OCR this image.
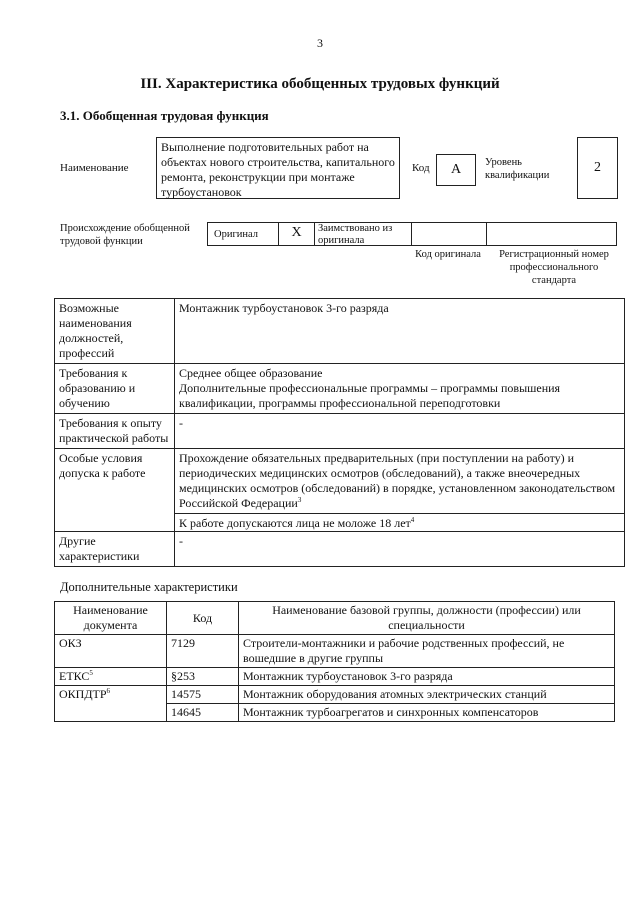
3
III. Характеристика обобщенных трудовых функций
3.1. Обобщенная трудовая функция
Наименование
Выполнение подготовительных работ на объектах нового строительства, капитального ремонта, реконструкции при монтаже турбоустановок
Код	A	Уровень квалификации
2
Происхождение обобщенной трудовой функции
Оригинал	X	Заимствовано из оригинала
Код оригинала	Регистрационный номер профессионального стандарта
Возможные наименования должностей, профессий	Монтажник турбоустановок 3-го разряда
Требования к образованию и обучению	Среднее общее образование
Дополнительные профессиональные программы – программы повышения квалификации, программы профессиональной переподготовки

Требования к опыту практической работы	-
Особые условия допуска к работе	Прохождение обязательных предварительных (при поступлении на работу) и периодических медицинских осмотров (обследований), а также внеочередных медицинских осмотров (обследований) в порядке, установленном законодательством Российской Федерации$^3$
К работе допускаются лица не моложе 18 лет$^4$

Другие характеристики	-
Дополнительные характеристики
Наименование документа	Код	Наименование базовой группы, должности (профессии) или специальности
ОКЗ	7129	Строители-монтажники и рабочие родственных профессий, не вошедшие в другие группы
ЕТКС$^5$	§253	Монтажник турбоустановок 3-го разряда
ОКПДТР$^6$	14575	Монтажник оборудования атомных электрических станций
	14645	Монтажник турбоагрегатов и синхронных компенсаторов
